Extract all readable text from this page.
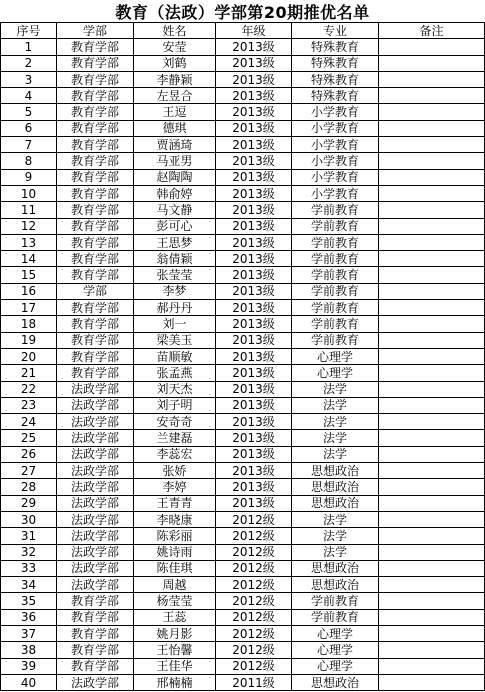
教育（法政）学部第20期推优名单
序号	学部	姓名	年级	专业	备注
1	教育学部	安莹	2013级	特殊教育	
2	教育学部	刘鹤	2013级	特殊教育	
3	教育学部	李静颖	2013级	特殊教育	
4	教育学部	左昱合	2013级	特殊教育	
5	教育学部	王逗	2013级	小学教育	
6	教育学部	德琪	2013级	小学教育	
7	教育学部	贾涵琦	2013级	小学教育	
8	教育学部	马亚男	2013级	小学教育	
9	教育学部	赵陶陶	2013级	小学教育	
10	教育学部	韩俞婷	2013级	小学教育	
11	教育学部	马文静	2013级	学前教育	
12	教育学部	彭可心	2013级	学前教育	
13	教育学部	王思梦	2013级	学前教育	
14	教育学部	翁倩颖	2013级	学前教育	
15	教育学部	张莹莹	2013级	学前教育	
16	学部	李梦	2013级	学前教育	
17	教育学部	郝丹丹	2013级	学前教育	
18	教育学部	刘一	2013级	学前教育	
19	教育学部	梁美玉	2013级	学前教育	
20	教育学部	苗顺敏	2013级	心理学	
21	教育学部	张孟燕	2013级	心理学	
22	法政学部	刘天杰	2013级	法学	
23	法政学部	刘子明	2013级	法学	
24	法政学部	安奇奇	2013级	法学	
25	法政学部	兰建磊	2013级	法学	
26	法政学部	李蕊宏	2013级	法学	
27	法政学部	张娇	2013级	思想政治	
28	法政学部	李婷	2013级	思想政治	
29	法政学部	王青青	2013级	思想政治	
30	法政学部	李晓康	2012级	法学	
31	法政学部	陈彩丽	2012级	法学	
32	法政学部	姚诗雨	2012级	法学	
33	法政学部	陈佳琪	2012级	思想政治	
34	法政学部	周越	2012级	思想政治	
35	教育学部	杨莹莹	2012级	学前教育	
36	教育学部	王蕊	2012级	学前教育	
37	教育学部	姚月影	2012级	心理学	
38	教育学部	王怡馨	2012级	心理学	
39	教育学部	王佳华	2012级	心理学	
40	法政学部	邢楠楠	2011级	思想政治	
